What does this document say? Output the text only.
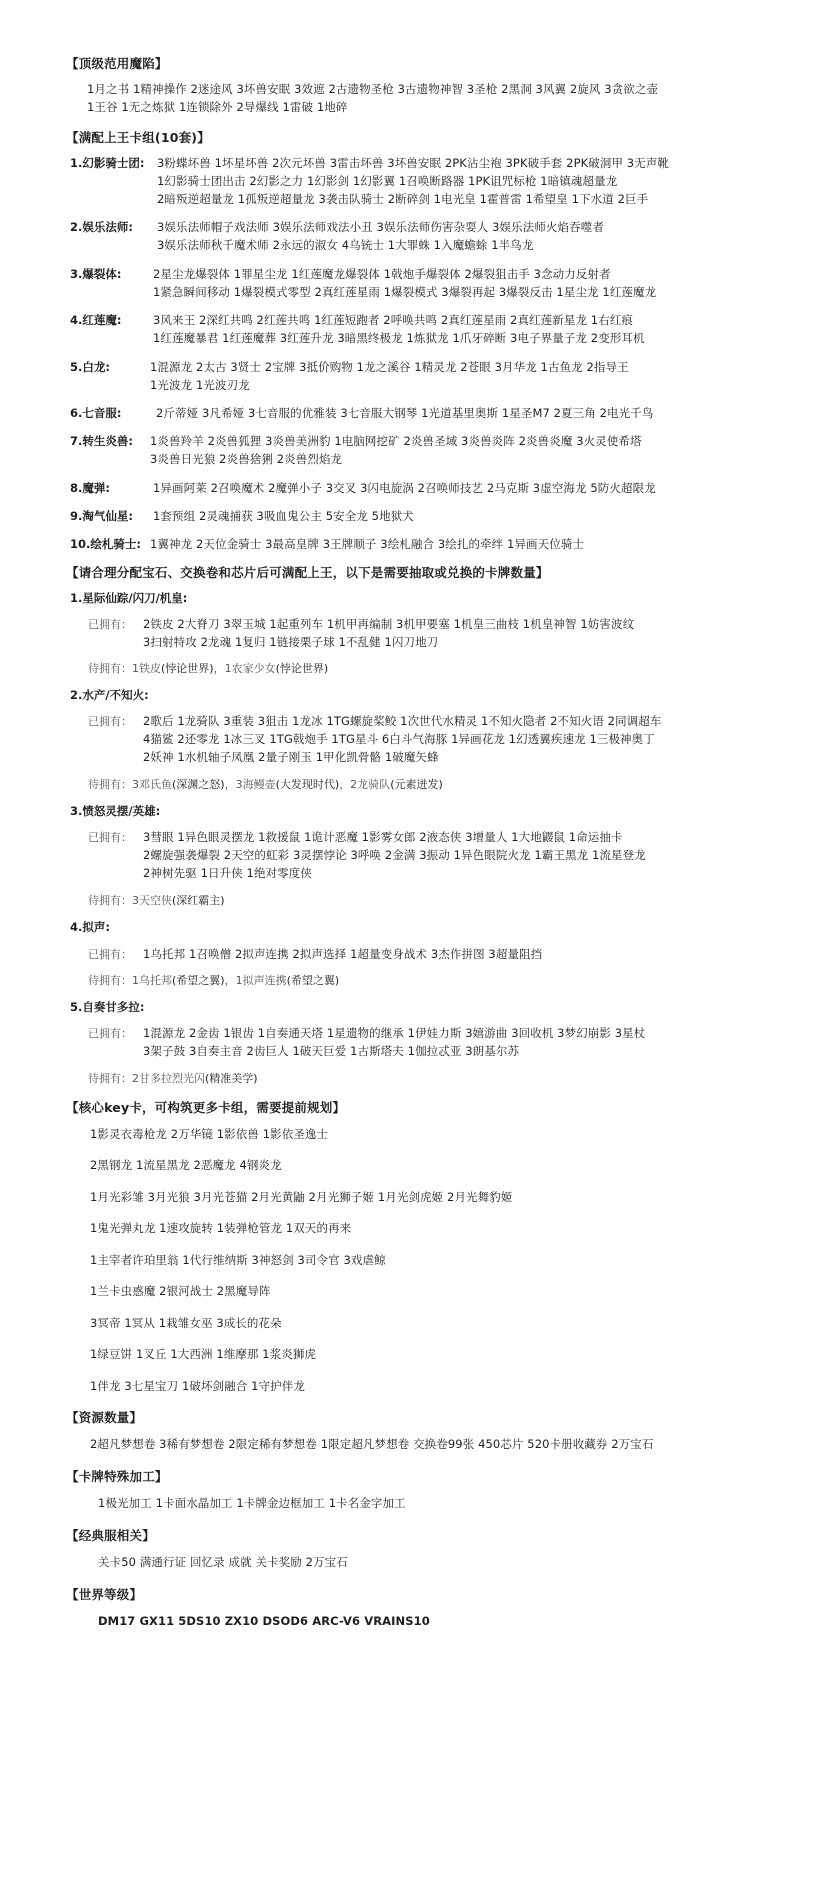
【顶级范用魔陷】
1月之书 1精神操作 2迷途风 3坏兽安眠 3效遮 2古遗物圣枪 3古遗物神智 3圣枪 2黑洞 3风翼 2旋风 3贪欲之壶
1王谷 1无之炼狱 1连锁除外 2导爆线 1雷破 1地碎
【满配上王卡组(10套)】
1.幻影骑士团: 3粉蝶坏兽 1坏星坏兽 2次元坏兽 3雷击坏兽 3坏兽安眠 2PK沾尘袍 3PK破手套 2PK破洞甲 3无声靴
1幻影骑士团出击 2幻影之力 1幻影剑 1幻影翼 1召唤断路器 1PK诅咒标枪 1暗镇魂超量龙
2暗叛逆超量龙 1孤叛逆超量龙 3袭击队骑士 2断碎剑 1电光皇 1霍普雷 1希望皇 1下水道 2巨手
2.娱乐法师: 3娱乐法师帽子戏法师 3娱乐法师戏法小丑 3娱乐法师伤害杂耍人 3娱乐法师火焰吞噬者
3娱乐法师秋千魔术师 2永远的淑女 4乌铳士 1大罪蛛 1入魔蟾蜍 1半鸟龙
3.爆裂体:	2星尘龙爆裂体 1罪星尘龙 1红莲魔龙爆裂体 1戟炮手爆裂体 2爆裂狙击手 3念动力反射者
1紧急瞬间移动 1爆裂模式零型 2真红莲星雨 1爆裂模式 3爆裂再起 3爆裂反击 1星尘龙 1红莲魔龙
4.红莲魔:	3风来王 2深红共鸣 2红莲共鸣 1红莲短跑者 2呼唤共鸣 2真红莲星雨 2真红莲新星龙 1右红痕
1红莲魔暴君 1红莲魔葬 3红莲升龙 3暗黑终极龙 1炼狱龙 1爪牙碎断 3电子界量子龙 2变形耳机
5.白龙:	1混源龙 2太古 3贤士 2宝牌 3抵价购物 1龙之溪谷 1精灵龙 2苍眼 3月华龙 1古鱼龙 2指导王
1光波龙 1光波刃龙
6.七音服:	2斤蒂娅 3凡希娅 3七音服的优雅装 3七音服大钢琴 1光道基里奥斯 1星圣M7 2夏三角 2电光千鸟
7.转生炎兽: 1炎兽羚羊 2炎兽狐狸 3炎兽美洲豹 1电脑网挖矿 2炎兽圣域 3炎兽炎阵 2炎兽炎魔 3火灵使希塔
3炎兽日光狼 2炎兽猞猁 2炎兽烈焰龙
8.魔弹:	1异画阿莱 2召唤魔术 2魔弹小子 3交叉 3闪电旋涡 2召唤师技艺 2马克斯 3虚空海龙 5防火超限龙
9.淘气仙星: 1套预组 2灵魂捕获 3吸血鬼公主 5安全龙 5地狱犬
10.绘札骑士: 1翼神龙 2天位金骑士 3最高皇牌 3王牌顺子 3绘札融合 3绘扎的牵绊 1异画天位骑士
【请合理分配宝石、交换卷和芯片后可满配上王，以下是需要抽取或兑换的卡牌数量】
1.星际仙踪/闪刀/机皇:
已拥有： 2铁皮 2大脊刀 3翠玉城 1起重列车 1机甲再编制 3机甲要塞 1机皇三曲枝 1机皇神智 1妨害波纹
3扫射特攻 2龙魂 1复归 1链接栗子球 1不乱健 1闪刀地刀
待拥有：1铁皮(悖论世界)，1农家少女(悖论世界)
2.水产/不知火:
已拥有： 2歌后 1龙骑队 3重装 3狙击 1龙冰 1TG螺旋桨鲛 1次世代水精灵 1不知火隐者 2不知火语 2同调超车
4猫鲨 2还零龙 1冰三叉 1TG戟炮手 1TG星斗 6白斗气海豚 1异画花龙 1幻透翼疾速龙 1三极神奥丁
2妖神 1水机轴子凤凰 2量子刚玉 1甲化凯骨骼 1破魔矢蜂
待拥有：3邓氏鱼(深渊之怒)，3海鳗壶(大发现时代)，2龙骑队(元素迸发)
3.愤怒灵摆/英雄:
已拥有： 3彗眼 1异色眼灵摆龙 1救援鼠 1诡计恶魔 1影雾女郎 2液态侠 3增量人 1大地鼹鼠 1命运抽卡
2螺旋强袭爆裂 2天空的虹彩 3灵摆悖论 3呼唤 2金满 3振动 1异色眼院火龙 1霸王黑龙 1流星登龙
2神树先驱 1日升侠 1绝对零度侠
待拥有：3天空侠(深红霸主)
4.拟声:
已拥有： 1乌托邦 1召唤僧 2拟声连携 2拟声选择 1超量变身战术 3杰作拼图 3超量阻挡
待拥有：1乌托邦(希望之翼)，1拟声连携(希望之翼)
5.自奏甘多拉:
已拥有： 1混源龙 2金齿 1银齿 1自奏通天塔 1星遗物的继承 1伊娃力斯 3嬉游曲 3回收机 3梦幻崩影 3星杖
3架子鼓 3自奏主音 2齿巨人 1破天巨爱 1古斯塔夫 1伽拉忒亚 3朗基尔苏
待拥有：2甘多拉烈光闪(精准美学)
【核心key卡，可构筑更多卡组，需要提前规划】
1影灵衣毒枪龙 2万华镜 1影依兽 1影依圣逸士
2黑钢龙 1流星黑龙 2恶魔龙 4钢炎龙
1月光彩雏 3月光狼 3月光苍猫 2月光黄鼬 2月光狮子姬 1月光剑虎姬 2月光舞豹姬
1鬼光弹丸龙 1速攻旋转 1装弹枪管龙 1双天的再来
1主宰者许珀里翁 1代行维纳斯 3神怒剑 3司令官 3戏虐鲸
1兰卡虫惑魔 2银河战士 2黑魔导阵
3冥帝 1冥从 1栽雏女巫 3成长的花朵
1绿豆饼 1叉丘 1大西洲 1维摩那 1浆炎狮虎
1伴龙 3七星宝刀 1破坏剑融合 1守护伴龙
【资源数量】
2超凡梦想卷 3稀有梦想卷 2限定稀有梦想卷 1限定超凡梦想卷 交换卷99张 450芯片 520卡册收藏券 2万宝石
【卡牌特殊加工】
1极光加工 1卡面水晶加工 1卡牌金边框加工 1卡名金字加工
【经典服相关】
关卡50 满通行证 回忆录 成就 关卡奖励 2万宝石
【世界等级】
DM17 GX11 5DS10 ZX10 DSOD6 ARC-V6 VRAINS10
